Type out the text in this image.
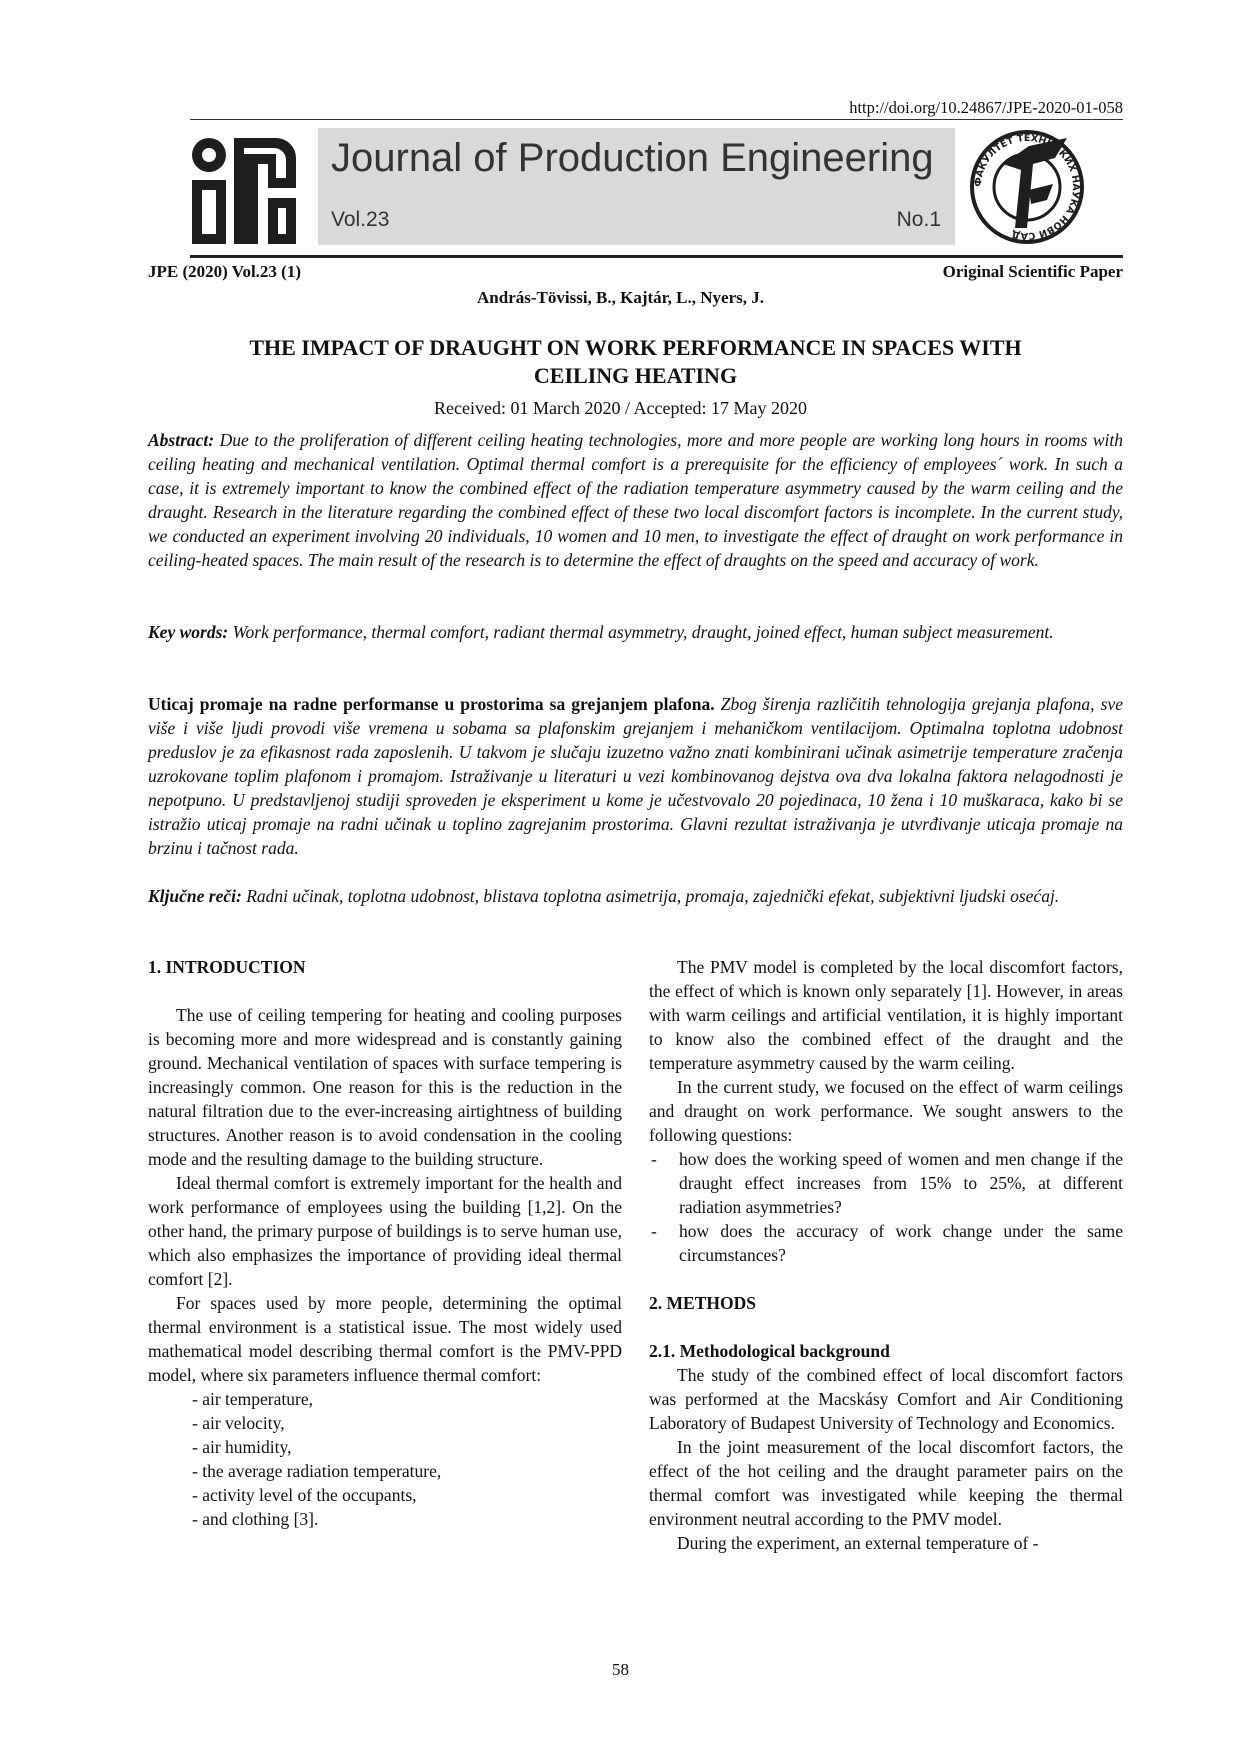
http://doi.org/10.24867/JPE-2020-01-058
Journal of Production Engineering
Vol.23	No.1
ФАКУЛТЕТ ТЕХНИЧКИХ НАУКА НОВИ САД
JPE (2020) Vol.23 (1)	Original Scientific Paper
András-Tövissi, B., Kajtár, L., Nyers, J.
THE IMPACT OF DRAUGHT ON WORK PERFORMANCE IN SPACES WITH
CEILING HEATING
Received: 01 March 2020 / Accepted: 17 May 2020
Abstract: Due to the proliferation of different ceiling heating technologies, more and more people are working long hours in rooms with ceiling heating and mechanical ventilation. Optimal thermal comfort is a prerequisite for the efficiency of employees´ work. In such a case, it is extremely important to know the combined effect of the radiation temperature asymmetry caused by the warm ceiling and the draught. Research in the literature regarding the combined effect of these two local discomfort factors is incomplete. In the current study, we conducted an experiment involving 20 individuals, 10 women and 10 men, to investigate the effect of draught on work performance in ceiling-heated spaces. The main result of the research is to determine the effect of draughts on the speed and accuracy of work.
Key words: Work performance, thermal comfort, radiant thermal asymmetry, draught, joined effect, human subject measurement.
Uticaj promaje na radne performanse u prostorima sa grejanjem plafona. Zbog širenja različitih tehnologija grejanja plafona, sve više i više ljudi provodi više vremena u sobama sa plafonskim grejanjem i mehaničkom ventilacijom. Optimalna toplotna udobnost preduslov je za efikasnost rada zaposlenih. U takvom je slučaju izuzetno važno znati kombinirani učinak asimetrije temperature zračenja uzrokovane toplim plafonom i promajom. Istraživanje u literaturi u vezi kombinovanog dejstva ova dva lokalna faktora nelagodnosti je nepotpuno. U predstavljenoj studiji sproveden je eksperiment u kome je učestvovalo 20 pojedinaca, 10 žena i 10 muškaraca, kako bi se istražio uticaj promaje na radni učinak u toplino zagrejanim prostorima. Glavni rezultat istraživanja je utvrđivanje uticaja promaje na brzinu i tačnost rada.
Ključne reči: Radni učinak, toplotna udobnost, blistava toplotna asimetrija, promaja, zajednički efekat, subjektivni ljudski osećaj.
1. INTRODUCTION

The use of ceiling tempering for heating and cooling purposes is becoming more and more widespread and is constantly gaining ground. Mechanical ventilation of spaces with surface tempering is increasingly common. One reason for this is the reduction in the natural filtration due to the ever-increasing airtightness of building structures. Another reason is to avoid condensation in the cooling mode and the resulting damage to the building structure.

Ideal thermal comfort is extremely important for the health and work performance of employees using the building [1,2]. On the other hand, the primary purpose of buildings is to serve human use, which also emphasizes the importance of providing ideal thermal comfort [2].

For spaces used by more people, determining the optimal thermal environment is a statistical issue. The most widely used mathematical model describing thermal comfort is the PMV-PPD model, where six parameters influence thermal comfort:

- air temperature,
- air velocity,
- air humidity,
- the average radiation temperature,
- activity level of the occupants,
- and clothing [3].

The PMV model is completed by the local discomfort factors, the effect of which is known only separately [1]. However, in areas with warm ceilings and artificial ventilation, it is highly important to know also the combined effect of the draught and the temperature asymmetry caused by the warm ceiling.

In the current study, we focused on the effect of warm ceilings and draught on work performance. We sought answers to the following questions:

- how does the working speed of women and men change if the draught effect increases from 15% to 25%, at different radiation asymmetries?
- how does the accuracy of work change under the same circumstances?
2. METHODS
2.1. Methodological background

The study of the combined effect of local discomfort factors was performed at the Macskásy Comfort and Air Conditioning Laboratory of Budapest University of Technology and Economics.

In the joint measurement of the local discomfort factors, the effect of the hot ceiling and the draught parameter pairs on the thermal comfort was investigated while keeping the thermal environment neutral according to the PMV model.

During the experiment, an external temperature of -

58
